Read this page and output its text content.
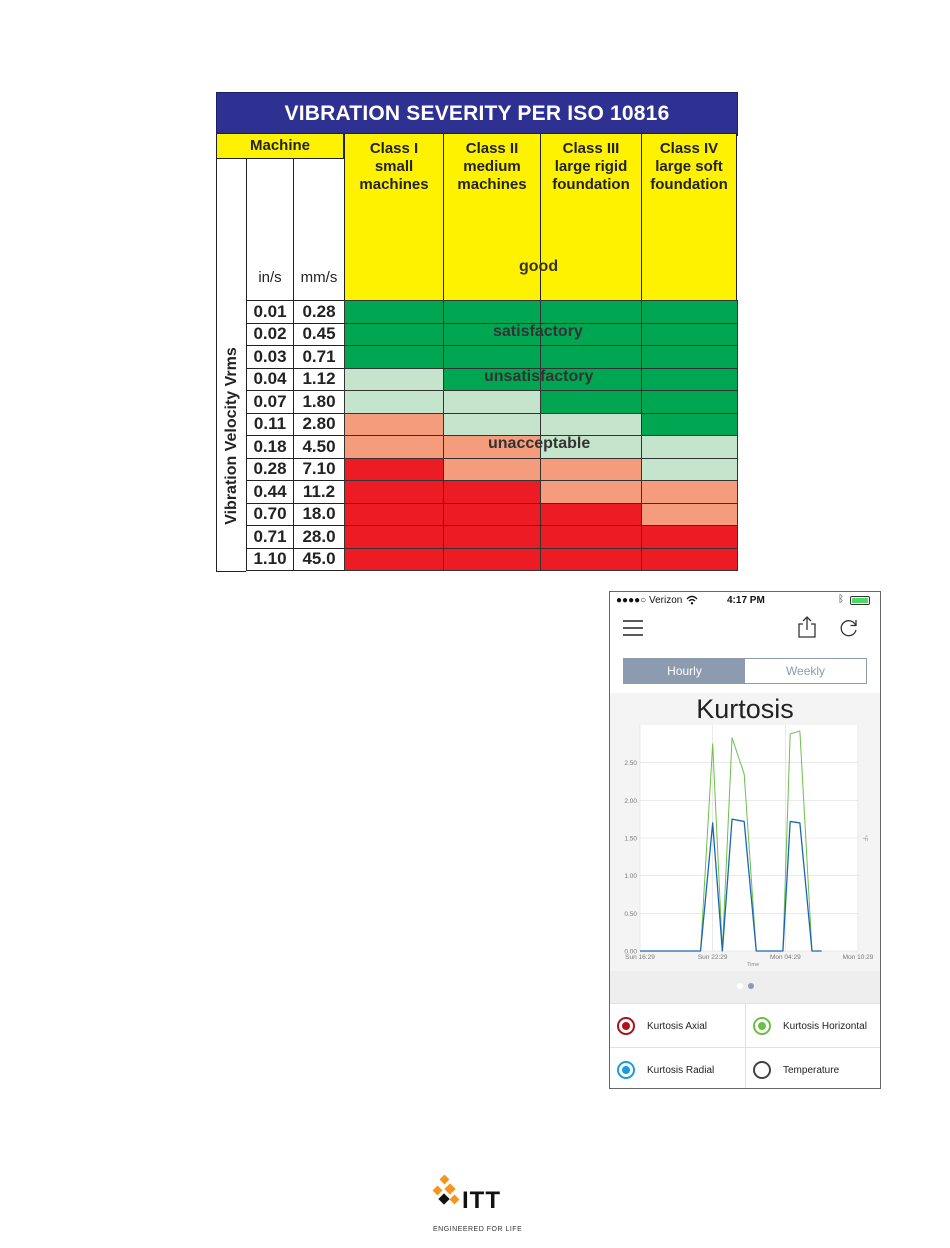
VIBRATION SEVERITY PER ISO 10816
Machine
in/s	mm/s
Class I
small
machines
Class II
medium
machines
Class III
large rigid
foundation
Class IV
large soft
foundation
Vibration Velocity Vrms
0.01 0.28
0.02 0.45
0.03 0.71
0.04 1.12
0.07 1.80
0.11 2.80
0.18 4.50
0.28 7.10
0.44 11.2
0.70 18.0
0.71 28.0
1.10 45.0
good
satisfactory
unsatisfactory
unacceptable
●●●●○ Verizon	4:17 PM	ᛒ
Hourly	Weekly
Kurtosis
0.00
0.50
1.00
1.50
2.00
2.50
Sun 16:29	Sun 22:29	Mon 04:29	Mon 10:29
Time
°F
Kurtosis Axial	Kurtosis Horizontal
Kurtosis Radial	Temperature
ITT
ENGINEERED FOR LIFE
